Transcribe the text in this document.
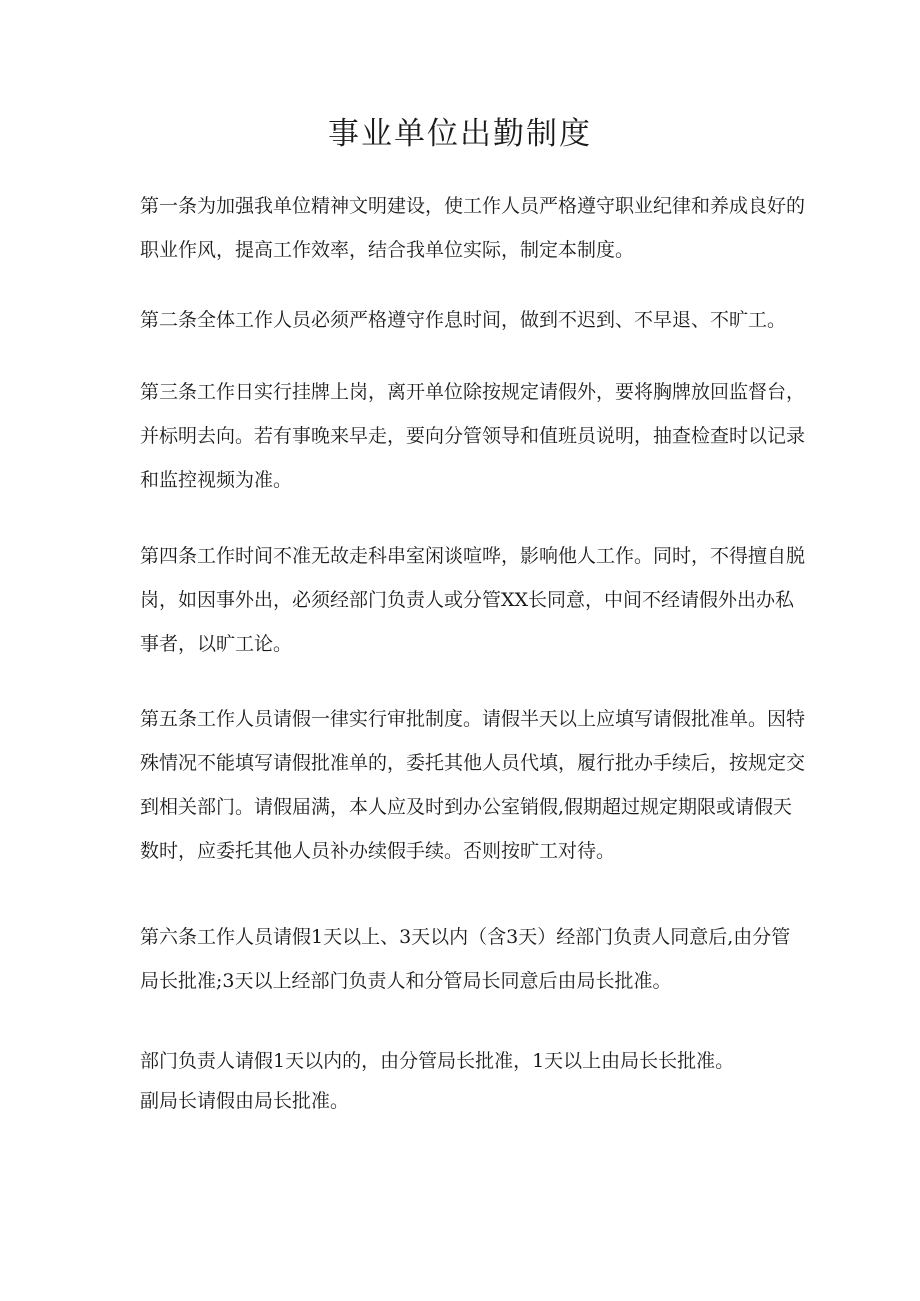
事业单位出勤制度
第一条为加强我单位精神文明建设，使工作人员严格遵守职业纪律和养成良好的
职业作风，提高工作效率，结合我单位实际，制定本制度。
第二条全体工作人员必须严格遵守作息时间，做到不迟到、不早退、不旷工。
第三条工作日实行挂牌上岗，离开单位除按规定请假外，要将胸牌放回监督台，
并标明去向。若有事晚来早走，要向分管领导和值班员说明，抽查检查时以记录
和监控视频为准。
第四条工作时间不准无故走科串室闲谈喧哗，影响他人工作。同时，不得擅自脱
岗，如因事外出，必须经部门负责人或分管XX长同意，中间不经请假外出办私
事者，以旷工论。
第五条工作人员请假一律实行审批制度。请假半天以上应填写请假批准单。因特
殊情况不能填写请假批准单的，委托其他人员代填，履行批办手续后，按规定交
到相关部门。请假届满，本人应及时到办公室销假,假期超过规定期限或请假天
数时，应委托其他人员补办续假手续。否则按旷工对待。
第六条工作人员请假1天以上、3天以内（含3天）经部门负责人同意后,由分管
局长批准;3天以上经部门负责人和分管局长同意后由局长批准。
部门负责人请假1天以内的，由分管局长批准，1天以上由局长长批准。
副局长请假由局长批准。
